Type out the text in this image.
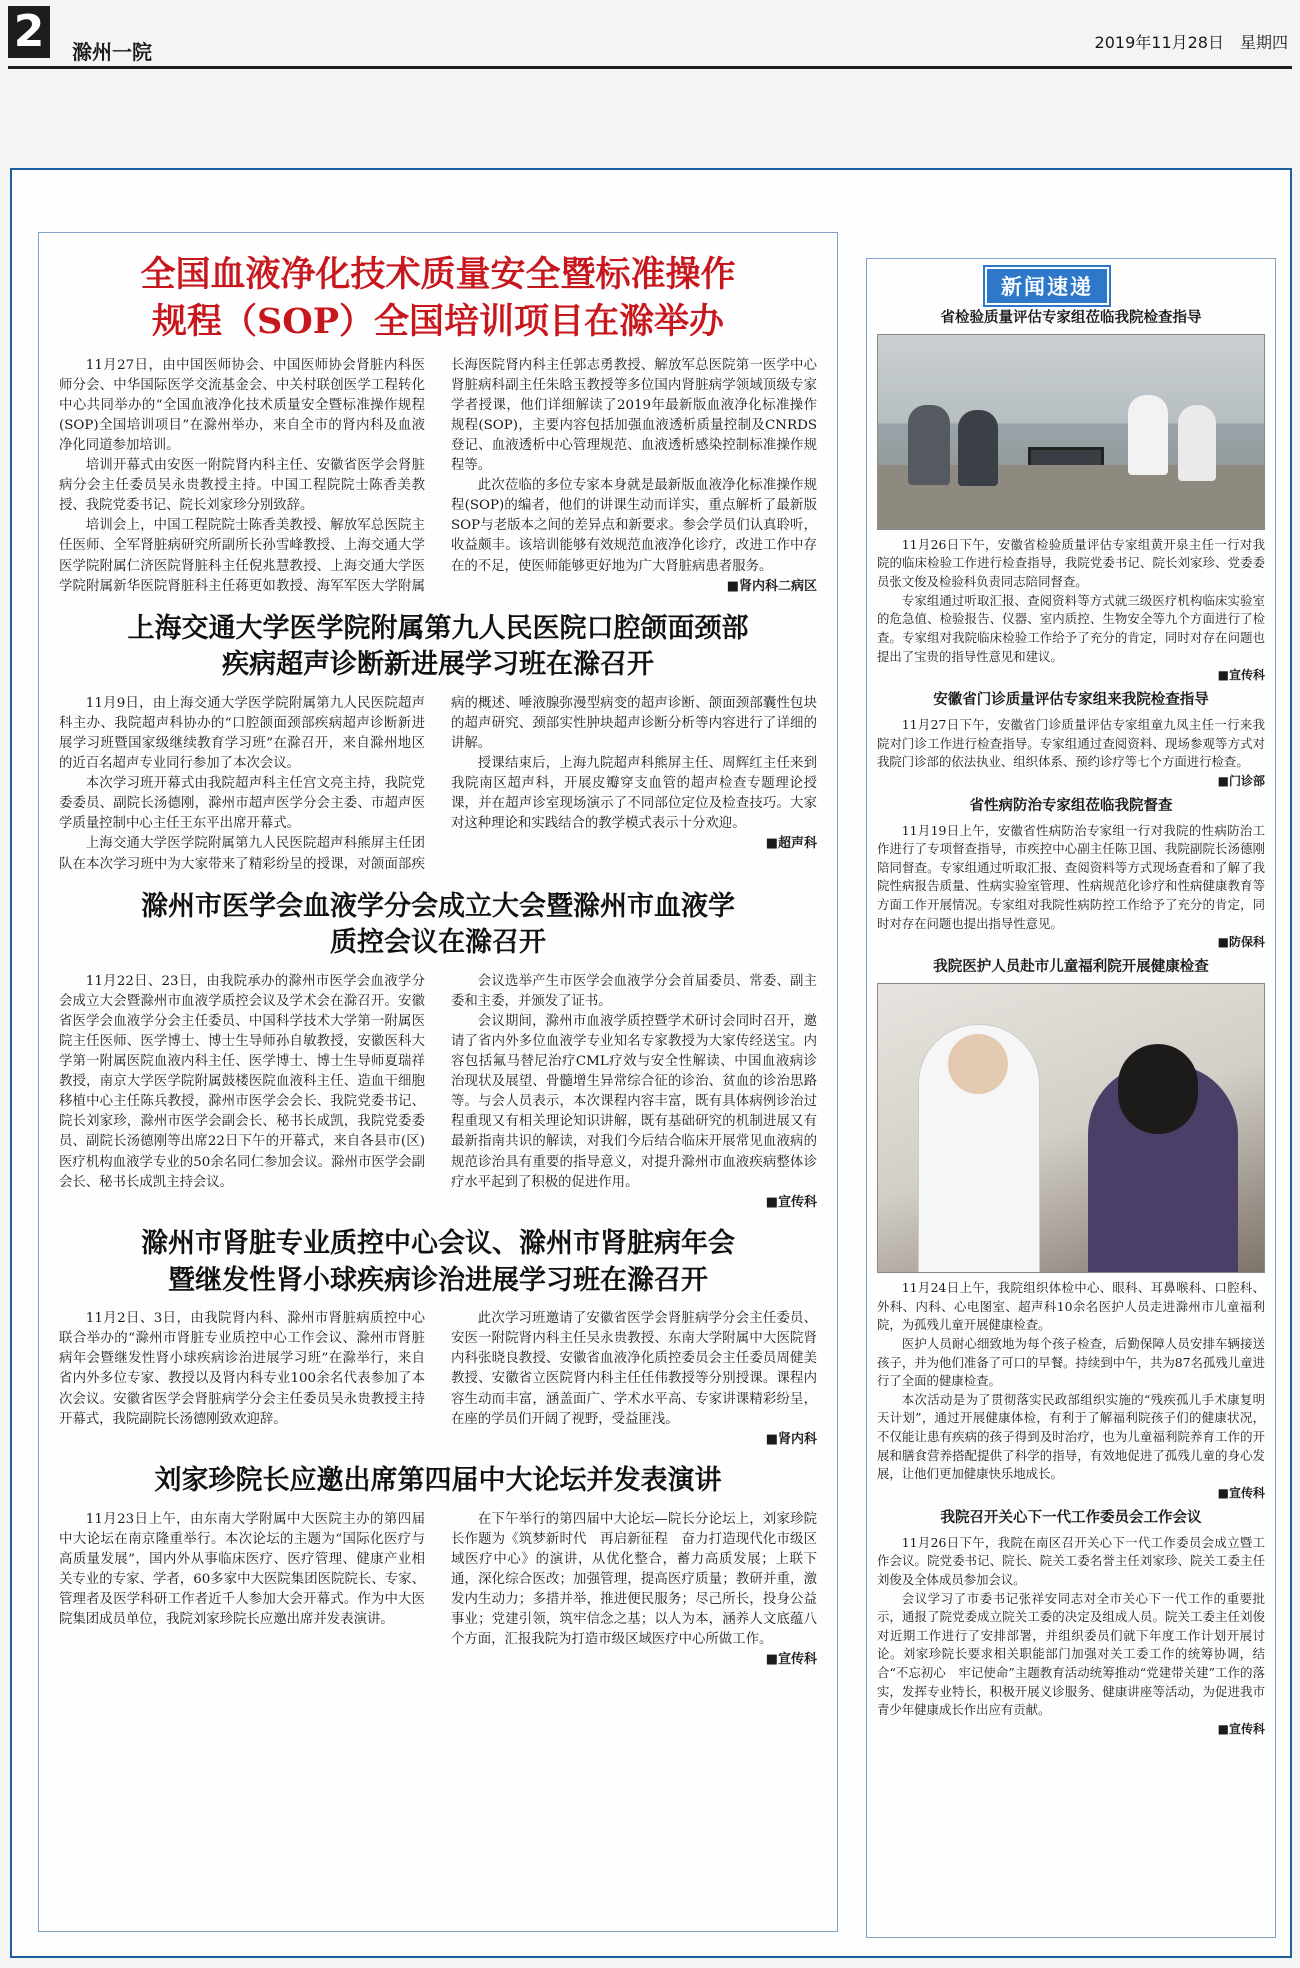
2 滁州一院	2019年11月28日　星期四
全国血液净化技术质量安全暨标准操作
规程（SOP）全国培训项目在滁举办

11月27日，由中国医师协会、中国医师协会肾脏内科医师分会、中华国际医学交流基金会、中关村联创医学工程转化中心共同举办的“全国血液净化技术质量安全暨标准操作规程(SOP)全国培训项目”在滁州举办，来自全市的肾内科及血液净化同道参加培训。

培训开幕式由安医一附院肾内科主任、安徽省医学会肾脏病分会主任委员吴永贵教授主持。中国工程院院士陈香美教授、我院党委书记、院长刘家珍分别致辞。

培训会上，中国工程院院士陈香美教授、解放军总医院主任医师、全军肾脏病研究所副所长孙雪峰教授、上海交通大学医学院附属仁济医院肾脏科主任倪兆慧教授、上海交通大学医学院附属新华医院肾脏科主任蒋更如教授、海军军医大学附属长海医院肾内科主任郭志勇教授、解放军总医院第一医学中心肾脏病科副主任朱晗玉教授等多位国内肾脏病学领域顶级专家学者授课，他们详细解读了2019年最新版血液净化标准操作规程(SOP)，主要内容包括加强血液透析质量控制及CNRDS登记、血液透析中心管理规范、血液透析感染控制标准操作规程等。

此次莅临的多位专家本身就是最新版血液净化标准操作规程(SOP)的编者，他们的讲课生动而详实，重点解析了最新版SOP与老版本之间的差异点和新要求。参会学员们认真聆听，收益颇丰。该培训能够有效规范血液净化诊疗，改进工作中存在的不足，使医师能够更好地为广大肾脏病患者服务。

■肾内科二病区
上海交通大学医学院附属第九人民医院口腔颌面颈部
疾病超声诊断新进展学习班在滁召开

11月9日，由上海交通大学医学院附属第九人民医院超声科主办、我院超声科协办的“口腔颌面颈部疾病超声诊断新进展学习班暨国家级继续教育学习班”在滁召开，来自滁州地区的近百名超声专业同行参加了本次会议。

本次学习班开幕式由我院超声科主任宫文亮主持，我院党委委员、副院长汤德刚，滁州市超声医学分会主委、市超声医学质量控制中心主任王东平出席开幕式。

上海交通大学医学院附属第九人民医院超声科熊屏主任团队在本次学习班中为大家带来了精彩纷呈的授课，对颌面部疾病的概述、唾液腺弥漫型病变的超声诊断、颌面颈部囊性包块的超声研究、颈部实性肿块超声诊断分析等内容进行了详细的讲解。

授课结束后，上海九院超声科熊屏主任、周辉红主任来到我院南区超声科，开展皮瓣穿支血管的超声检查专题理论授课，并在超声诊室现场演示了不同部位定位及检查技巧。大家对这种理论和实践结合的教学模式表示十分欢迎。

■超声科
滁州市医学会血液学分会成立大会暨滁州市血液学
质控会议在滁召开

11月22日、23日，由我院承办的滁州市医学会血液学分会成立大会暨滁州市血液学质控会议及学术会在滁召开。安徽省医学会血液学分会主任委员、中国科学技术大学第一附属医院主任医师、医学博士、博士生导师孙自敏教授，安徽医科大学第一附属医院血液内科主任、医学博士、博士生导师夏瑞祥教授，南京大学医学院附属鼓楼医院血液科主任、造血干细胞移植中心主任陈兵教授，滁州市医学会会长、我院党委书记、院长刘家珍，滁州市医学会副会长、秘书长成凯，我院党委委员、副院长汤德刚等出席22日下午的开幕式，来自各县市(区)医疗机构血液学专业的50余名同仁参加会议。滁州市医学会副会长、秘书长成凯主持会议。

会议选举产生市医学会血液学分会首届委员、常委、副主委和主委，并颁发了证书。

会议期间，滁州市血液学质控暨学术研讨会同时召开，邀请了省内外多位血液学专业知名专家教授为大家传经送宝。内容包括氟马替尼治疗CML疗效与安全性解读、中国血液病诊治现状及展望、骨髓增生异常综合征的诊治、贫血的诊治思路等。与会人员表示，本次课程内容丰富，既有具体病例诊治过程重现又有相关理论知识讲解，既有基础研究的机制进展又有最新指南共识的解读，对我们今后结合临床开展常见血液病的规范诊治具有重要的指导意义，对提升滁州市血液疾病整体诊疗水平起到了积极的促进作用。

■宣传科
滁州市肾脏专业质控中心会议、滁州市肾脏病年会
暨继发性肾小球疾病诊治进展学习班在滁召开

11月2日、3日，由我院肾内科、滁州市肾脏病质控中心联合举办的“滁州市肾脏专业质控中心工作会议、滁州市肾脏病年会暨继发性肾小球疾病诊治进展学习班”在滁举行，来自省内外多位专家、教授以及肾内科专业100余名代表参加了本次会议。安徽省医学会肾脏病学分会主任委员吴永贵教授主持开幕式，我院副院长汤德刚致欢迎辞。

此次学习班邀请了安徽省医学会肾脏病学分会主任委员、安医一附院肾内科主任吴永贵教授、东南大学附属中大医院肾内科张晓良教授、安徽省血液净化质控委员会主任委员周健美教授、安徽省立医院肾内科主任任伟教授等分别授课。课程内容生动而丰富，涵盖面广、学术水平高、专家讲课精彩纷呈，在座的学员们开阔了视野，受益匪浅。

■肾内科
刘家珍院长应邀出席第四届中大论坛并发表演讲

11月23日上午，由东南大学附属中大医院主办的第四届中大论坛在南京隆重举行。本次论坛的主题为“国际化医疗与高质量发展”，国内外从事临床医疗、医疗管理、健康产业相关专业的专家、学者，60多家中大医院集团医院院长、专家、管理者及医学科研工作者近千人参加大会开幕式。作为中大医院集团成员单位，我院刘家珍院长应邀出席并发表演讲。

在下午举行的第四届中大论坛—院长分论坛上，刘家珍院长作题为《筑梦新时代　再启新征程　奋力打造现代化市级区域医疗中心》的演讲，从优化整合，蓄力高质发展；上联下通，深化综合医改；加强管理，提高医疗质量；教研并重，激发内生动力；多措并举，推进便民服务；尽己所长，投身公益事业；党建引领，筑牢信念之基；以人为本，涵养人文底蕴八个方面，汇报我院为打造市级区域医疗中心所做工作。

■宣传科
新闻速递
省检验质量评估专家组莅临我院检查指导

11月26日下午，安徽省检验质量评估专家组黄开泉主任一行对我院的临床检验工作进行检查指导，我院党委书记、院长刘家珍、党委委员张文俊及检验科负责同志陪同督查。

专家组通过听取汇报、查阅资料等方式就三级医疗机构临床实验室的危急值、检验报告、仪器、室内质控、生物安全等九个方面进行了检查。专家组对我院临床检验工作给予了充分的肯定，同时对存在问题也提出了宝贵的指导性意见和建议。

■宣传科
安徽省门诊质量评估专家组来我院检查指导

11月27日下午，安徽省门诊质量评估专家组童九凤主任一行来我院对门诊工作进行检查指导。专家组通过查阅资料、现场参观等方式对我院门诊部的依法执业、组织体系、预约诊疗等七个方面进行检查。

■门诊部
省性病防治专家组莅临我院督查

11月19日上午，安徽省性病防治专家组一行对我院的性病防治工作进行了专项督查指导，市疾控中心副主任陈卫国、我院副院长汤德刚陪同督查。专家组通过听取汇报、查阅资料等方式现场查看和了解了我院性病报告质量、性病实验室管理、性病规范化诊疗和性病健康教育等方面工作开展情况。专家组对我院性病防控工作给予了充分的肯定，同时对存在问题也提出指导性意见。

■防保科
我院医护人员赴市儿童福利院开展健康检查

11月24日上午，我院组织体检中心、眼科、耳鼻喉科、口腔科、外科、内科、心电图室、超声科10余名医护人员走进滁州市儿童福利院，为孤残儿童开展健康检查。

医护人员耐心细致地为每个孩子检查，后勤保障人员安排车辆接送孩子，并为他们准备了可口的早餐。持续到中午，共为87名孤残儿童进行了全面的健康检查。

本次活动是为了贯彻落实民政部组织实施的“残疾孤儿手术康复明天计划”，通过开展健康体检，有利于了解福利院孩子们的健康状况，不仅能让患有疾病的孩子得到及时治疗，也为儿童福利院养育工作的开展和膳食营养搭配提供了科学的指导，有效地促进了孤残儿童的身心发展，让他们更加健康快乐地成长。

■宣传科
我院召开关心下一代工作委员会工作会议

11月26日下午，我院在南区召开关心下一代工作委员会成立暨工作会议。院党委书记、院长、院关工委名誉主任刘家珍、院关工委主任刘俊及全体成员参加会议。

会议学习了市委书记张祥安同志对全市关心下一代工作的重要批示，通报了院党委成立院关工委的决定及组成人员。院关工委主任刘俊对近期工作进行了安排部署，并组织委员们就下年度工作计划开展讨论。刘家珍院长要求相关职能部门加强对关工委工作的统筹协调，结合“不忘初心　牢记使命”主题教育活动统筹推动“党建带关建”工作的落实，发挥专业特长，积极开展义诊服务、健康讲座等活动，为促进我市青少年健康成长作出应有贡献。

■宣传科
